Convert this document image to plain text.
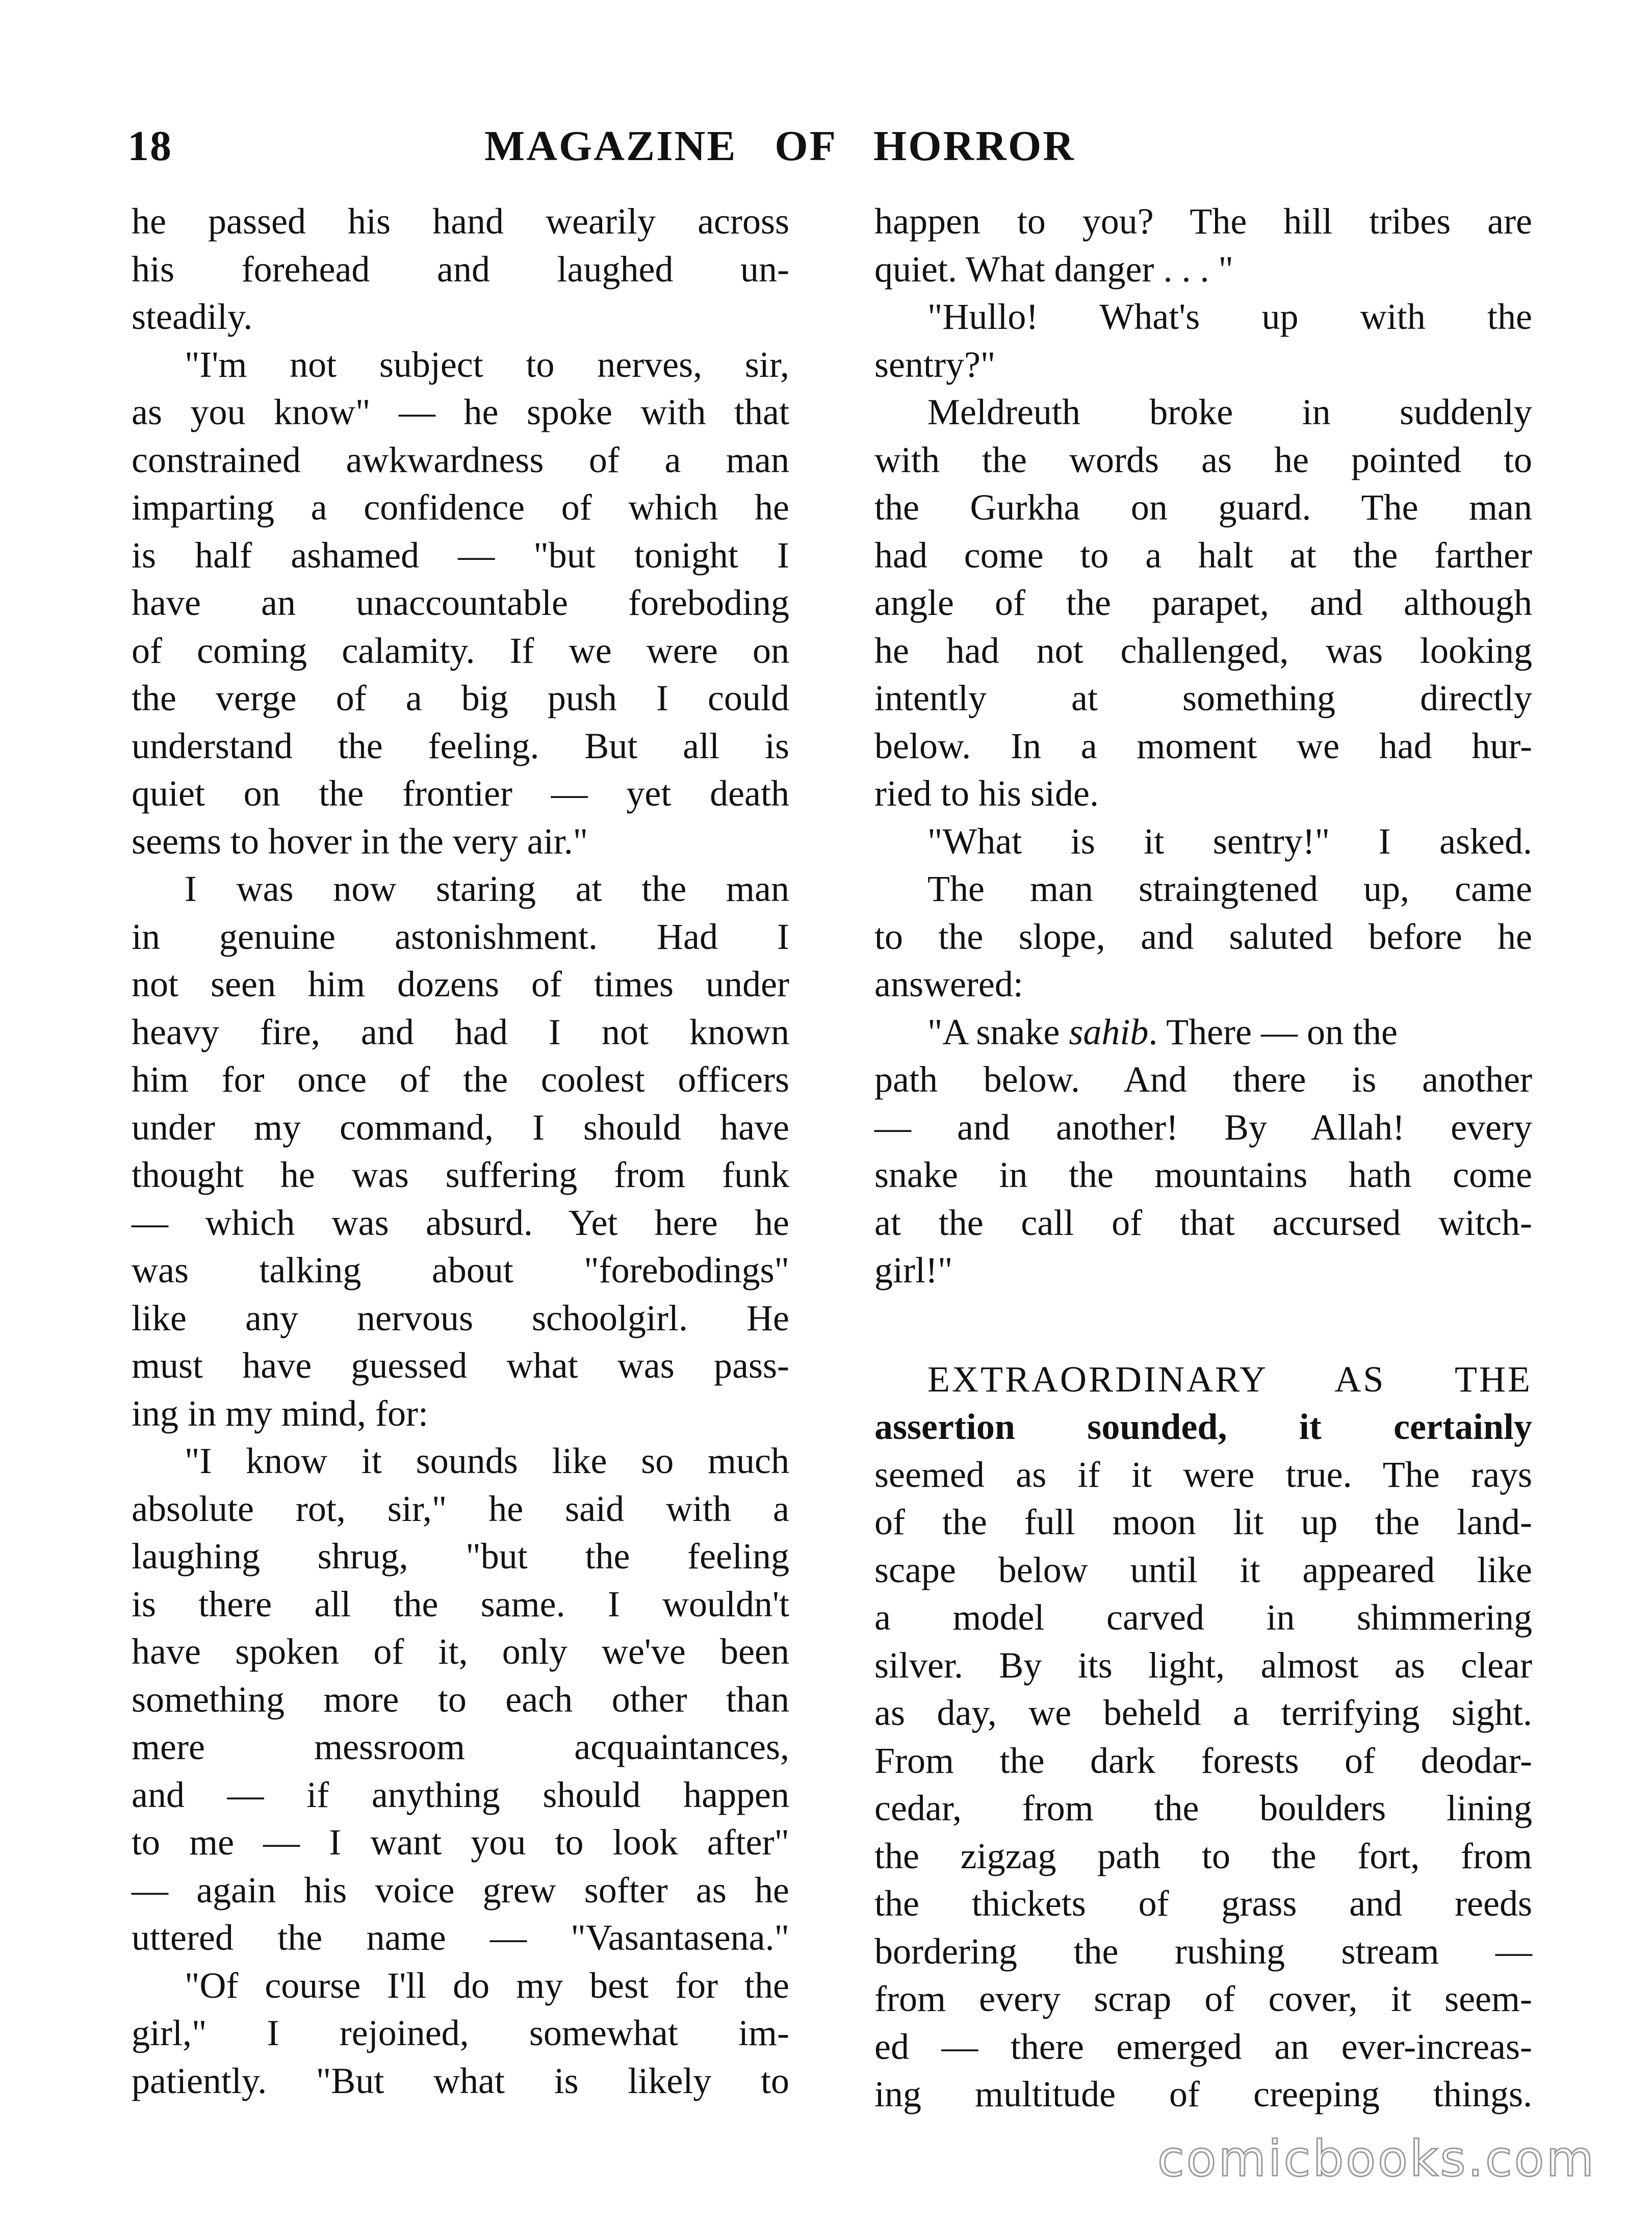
18	MAGAZINE OF HORROR
he passed his hand wearily across
his forehead and laughed un-
steadily.
"I'm not subject to nerves, sir,
as you know" — he spoke with that
constrained awkwardness of a man
imparting a confidence of which he
is half ashamed — "but tonight I
have an unaccountable foreboding
of coming calamity. If we were on
the verge of a big push I could
understand the feeling. But all is
quiet on the frontier — yet death
seems to hover in the very air."
I was now staring at the man
in genuine astonishment. Had I
not seen him dozens of times under
heavy fire, and had I not known
him for once of the coolest officers
under my command, I should have
thought he was suffering from funk
— which was absurd. Yet here he
was talking about "forebodings"
like any nervous schoolgirl. He
must have guessed what was pass-
ing in my mind, for:
"I know it sounds like so much
absolute rot, sir," he said with a
laughing shrug, "but the feeling
is there all the same. I wouldn't
have spoken of it, only we've been
something more to each other than
mere messroom acquaintances,
and — if anything should happen
to me — I want you to look after"
— again his voice grew softer as he
uttered the name — "Vasantasena."
"Of course I'll do my best for the
girl," I rejoined, somewhat im-
patiently. "But what is likely to
happen to you? The hill tribes are
quiet. What danger . . . "
"Hullo! What's up with the
sentry?"
Meldreuth broke in suddenly
with the words as he pointed to
the Gurkha on guard. The man
had come to a halt at the farther
angle of the parapet, and although
he had not challenged, was looking
intently at something directly
below. In a moment we had hur-
ried to his side.
"What is it sentry!" I asked.
The man straingtened up, came
to the slope, and saluted before he
answered:
"A snake sahib. There — on the
path below. And there is another
— and another! By Allah! every
snake in the mountains hath come
at the call of that accursed witch-
girl!"
EXTRAORDINARY AS THE
assertion sounded, it certainly
seemed as if it were true. The rays
of the full moon lit up the land-
scape below until it appeared like
a model carved in shimmering
silver. By its light, almost as clear
as day, we beheld a terrifying sight.
From the dark forests of deodar-
cedar, from the boulders lining
the zigzag path to the fort, from
the thickets of grass and reeds
bordering the rushing stream —
from every scrap of cover, it seem-
ed — there emerged an ever-increas-
ing multitude of creeping things.
comicbooks.com
